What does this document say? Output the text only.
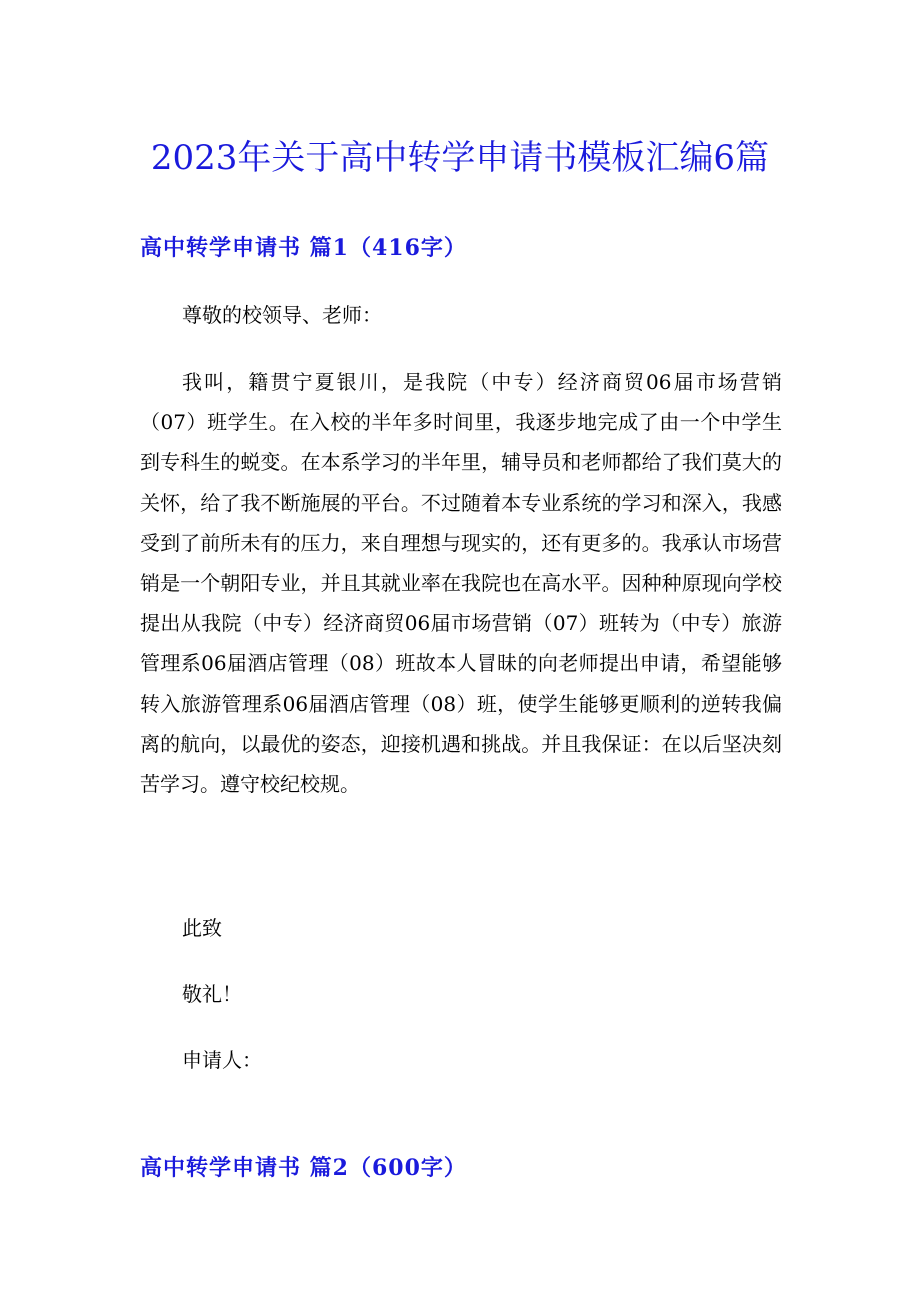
2023年关于高中转学申请书模板汇编6篇
高中转学申请书 篇1（416字）

尊敬的校领导、老师：

我叫，籍贯宁夏银川，是我院（中专）经济商贸06届市场营销（07）班学生。在入校的半年多时间里，我逐步地完成了由一个中学生到专科生的蜕变。在本系学习的半年里，辅导员和老师都给了我们莫大的关怀，给了我不断施展的平台。不过随着本专业系统的学习和深入，我感受到了前所未有的压力，来自理想与现实的，还有更多的。我承认市场营销是一个朝阳专业，并且其就业率在我院也在高水平。因种种原现向学校提出从我院（中专）经济商贸06届市场营销（07）班转为（中专）旅游管理系06届酒店管理（08）班故本人冒昧的向老师提出申请，希望能够转入旅游管理系06届酒店管理（08）班，使学生能够更顺利的逆转我偏离的航向，以最优的姿态，迎接机遇和挑战。并且我保证：在以后坚决刻苦学习。遵守校纪校规。

此致

敬礼！

申请人：

高中转学申请书 篇2（600字）
